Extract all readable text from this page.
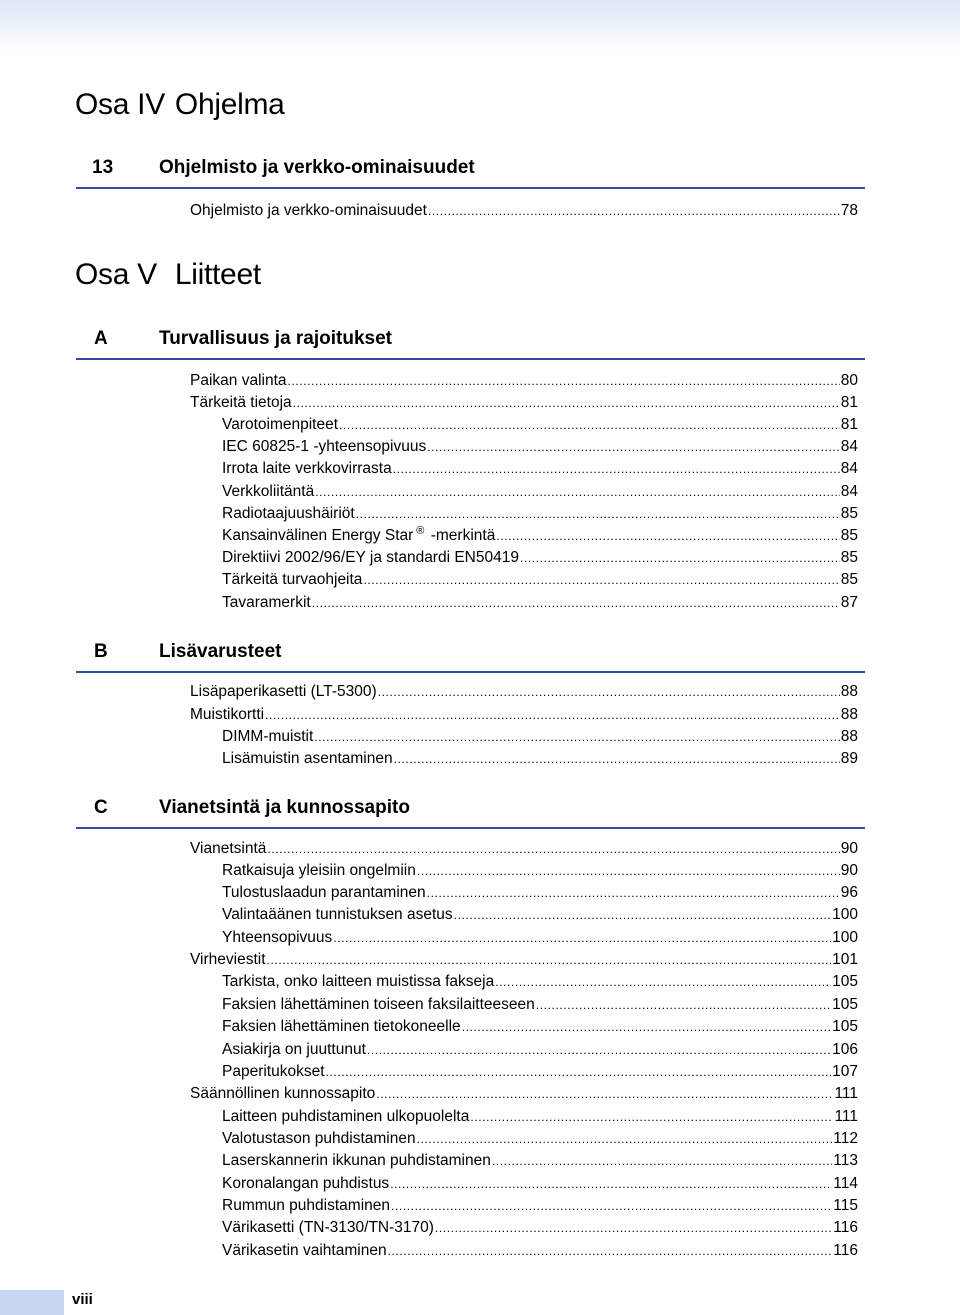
Osa IV Ohjelma
13 Ohjelmisto ja verkko-ominaisuudet
Ohjelmisto ja verkko-ominaisuudet .....	78
Osa V Liitteet
A	Turvallisuus ja rajoitukset
Paikan valinta .....	80
Tärkeitä tietoja .....	81
Varotoimenpiteet .....	81
IEC 60825-1 -yhteensopivuus .....	84
Irrota laite verkkovirrasta .....	84
Verkkoliitäntä .....	84
Radiotaajuushäiriöt .....	85
Kansainvälinen Energy Star ® -merkintä .....	85
Direktiivi 2002/96/EY ja standardi EN50419 .....	85
Tärkeitä turvaohjeita .....	85
Tavaramerkit .....	87
B	Lisävarusteet
Lisäpaperikasetti (LT-5300) .....	88
Muistikortti .....	88
DIMM-muistit .....	88
Lisämuistin asentaminen .....	89
C	Vianetsintä ja kunnossapito
Vianetsintä .....	90
Ratkaisuja yleisiin ongelmiin .....	90
Tulostuslaadun parantaminen .....	96
Valintaäänen tunnistuksen asetus .....	100
Yhteensopivuus .....	100
Virheviestit .....	101
Tarkista, onko laitteen muistissa fakseja .....	105
Faksien lähettäminen toiseen faksilaitteeseen .....	105
Faksien lähettäminen tietokoneelle .....	105
Asiakirja on juuttunut .....	106
Paperitukokset .....	107
Säännöllinen kunnossapito .....	111
Laitteen puhdistaminen ulkopuolelta .....	111
Valotustason puhdistaminen .....	112
Laserskannerin ikkunan puhdistaminen .....	113
Koronalangan puhdistus .....	114
Rummun puhdistaminen .....	115
Värikasetti (TN-3130/TN-3170) .....	116
Värikasetin vaihtaminen .....	116
viii
